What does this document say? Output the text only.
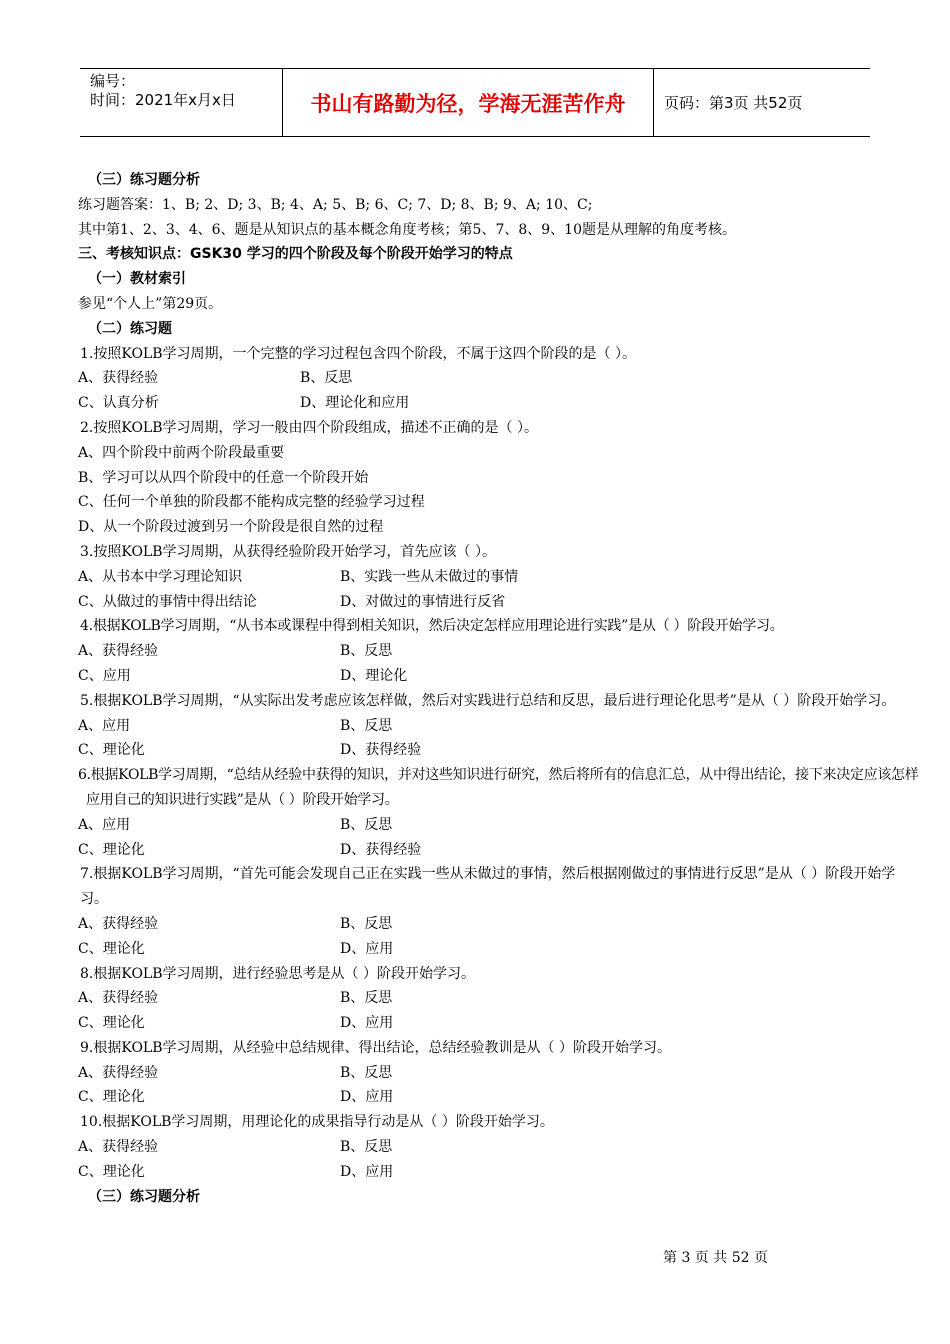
编号：
时间：2021年x月x日	书山有路勤为径，学海无涯苦作舟	页码：第3页 共52页
（三）练习题分析
练习题答案：1、B; 2、D; 3、B; 4、A; 5、B; 6、C; 7、D; 8、B; 9、A; 10、C;
其中第1、2、3、4、6、题是从知识点的基本概念角度考核；第5、7、8、9、10题是从理解的角度考核。
三、考核知识点：GSK30 学习的四个阶段及每个阶段开始学习的特点
（一）教材索引
参见“个人上”第29页。
（二）练习题
1.按照KOLB学习周期，一个完整的学习过程包含四个阶段，不属于这四个阶段的是（ ）。
A、获得经验	B、反思
C、认真分析	D、理论化和应用
2.按照KOLB学习周期，学习一般由四个阶段组成，描述不正确的是（ ）。
A、四个阶段中前两个阶段最重要
B、学习可以从四个阶段中的任意一个阶段开始
C、任何一个单独的阶段都不能构成完整的经验学习过程
D、从一个阶段过渡到另一个阶段是很自然的过程
3.按照KOLB学习周期，从获得经验阶段开始学习，首先应该（ ）。
A、从书本中学习理论知识	B、实践一些从未做过的事情
C、从做过的事情中得出结论	D、对做过的事情进行反省
4.根据KOLB学习周期，“从书本或课程中得到相关知识，然后决定怎样应用理论进行实践”是从（ ）阶段开始学习。
A、获得经验	B、反思
C、应用	D、理论化
5.根据KOLB学习周期，“从实际出发考虑应该怎样做，然后对实践进行总结和反思，最后进行理论化思考”是从（ ）阶段开始学习。
A、应用	B、反思
C、理论化	D、获得经验
6.根据KOLB学习周期，“总结从经验中获得的知识，并对这些知识进行研究，然后将所有的信息汇总，从中得出结论，接下来决定应该怎样应用自己的知识进行实践”是从（ ）阶段开始学习。
A、应用	B、反思
C、理论化	D、获得经验
7.根据KOLB学习周期，“首先可能会发现自己正在实践一些从未做过的事情，然后根据刚做过的事情进行反思”是从（ ）阶段开始学习。
A、获得经验	B、反思
C、理论化	D、应用
8.根据KOLB学习周期，进行经验思考是从（ ）阶段开始学习。
A、获得经验	B、反思
C、理论化	D、应用
9.根据KOLB学习周期，从经验中总结规律、得出结论，总结经验教训是从（ ）阶段开始学习。
A、获得经验	B、反思
C、理论化	D、应用
10.根据KOLB学习周期，用理论化的成果指导行动是从（ ）阶段开始学习。
A、获得经验	B、反思
C、理论化	D、应用
（三）练习题分析
第 3 页 共 52 页
